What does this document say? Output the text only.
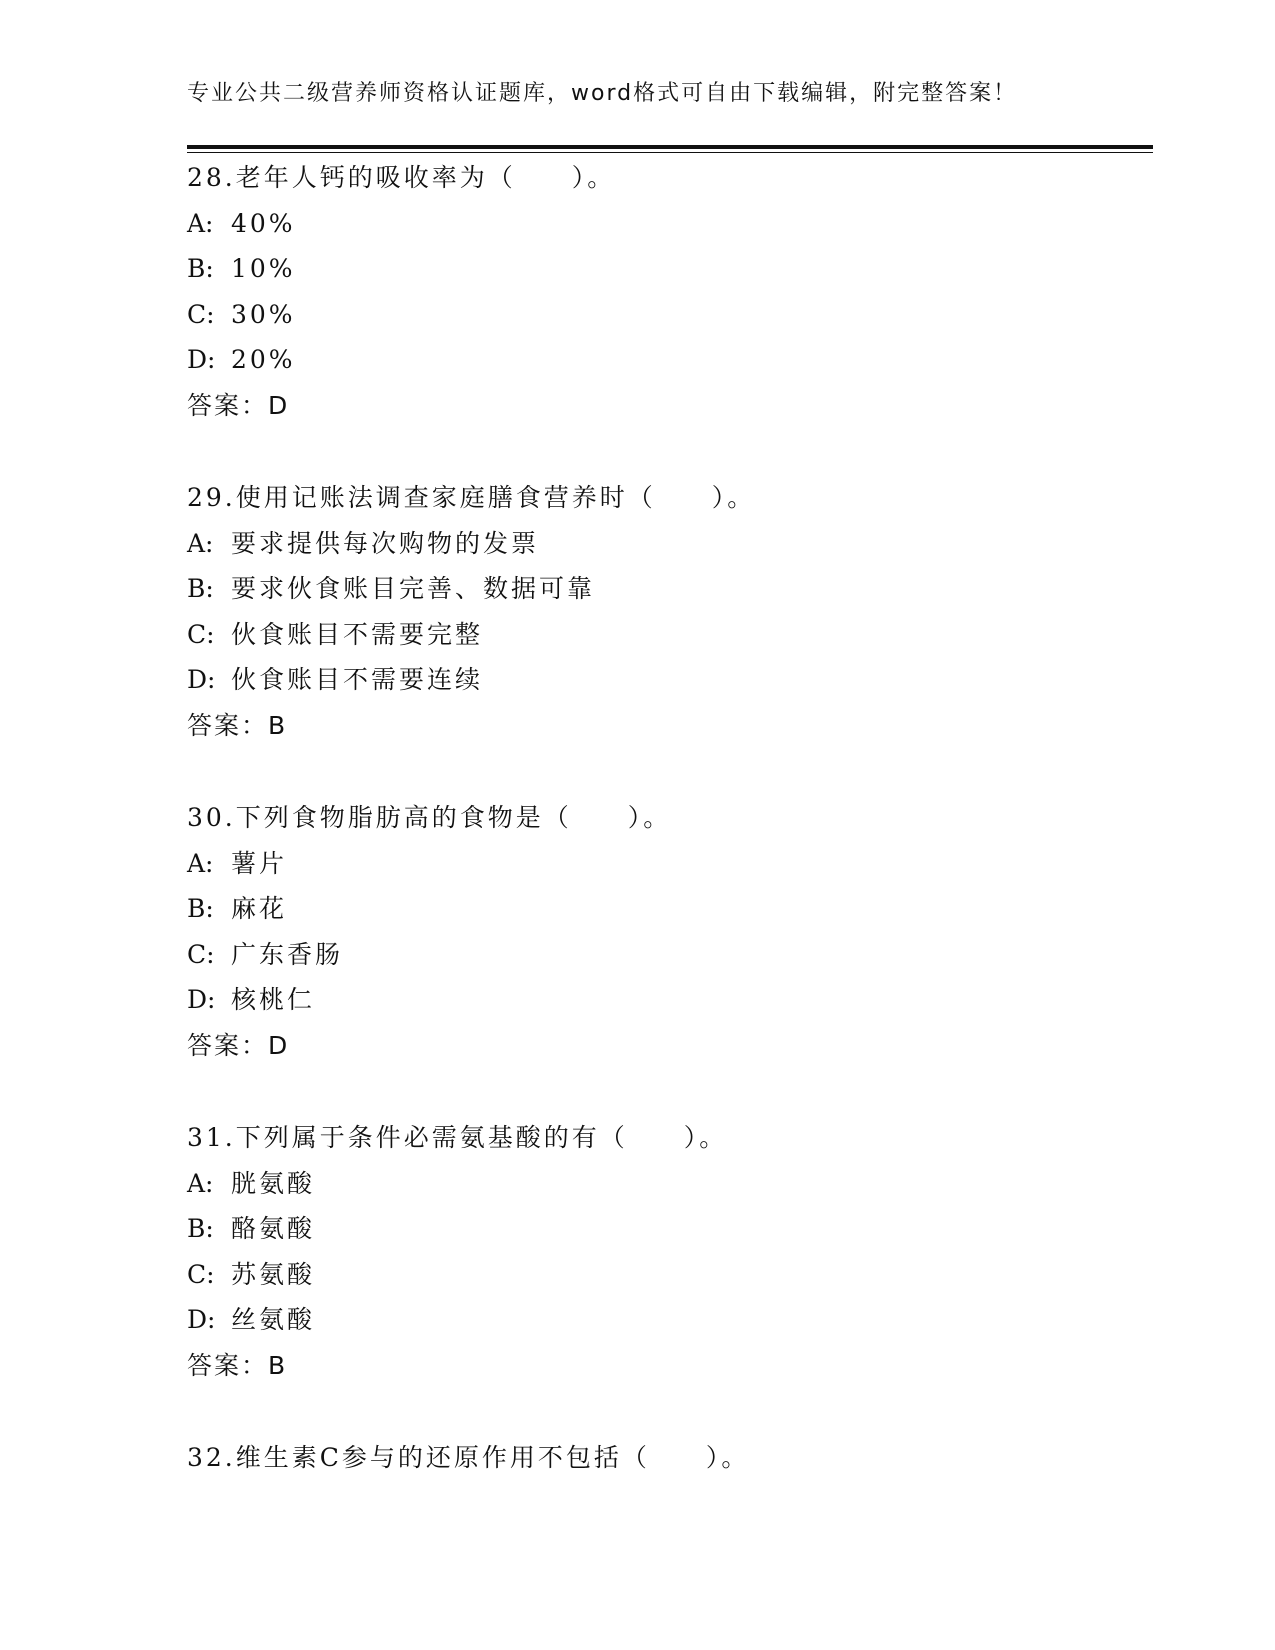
专业公共二级营养师资格认证题库，word格式可自由下载编辑，附完整答案！
28.老年人钙的吸收率为（　　）。
A: 40%
B: 10%
C: 30%
D: 20%
答案：D
29.使用记账法调查家庭膳食营养时（　　）。
A: 要求提供每次购物的发票
B: 要求伙食账目完善、数据可靠
C: 伙食账目不需要完整
D: 伙食账目不需要连续
答案：B
30.下列食物脂肪高的食物是（　　）。
A: 薯片
B: 麻花
C: 广东香肠
D: 核桃仁
答案：D
31.下列属于条件必需氨基酸的有（　　）。
A: 胱氨酸
B: 酪氨酸
C: 苏氨酸
D: 丝氨酸
答案：B
32.维生素C参与的还原作用不包括（　　）。
